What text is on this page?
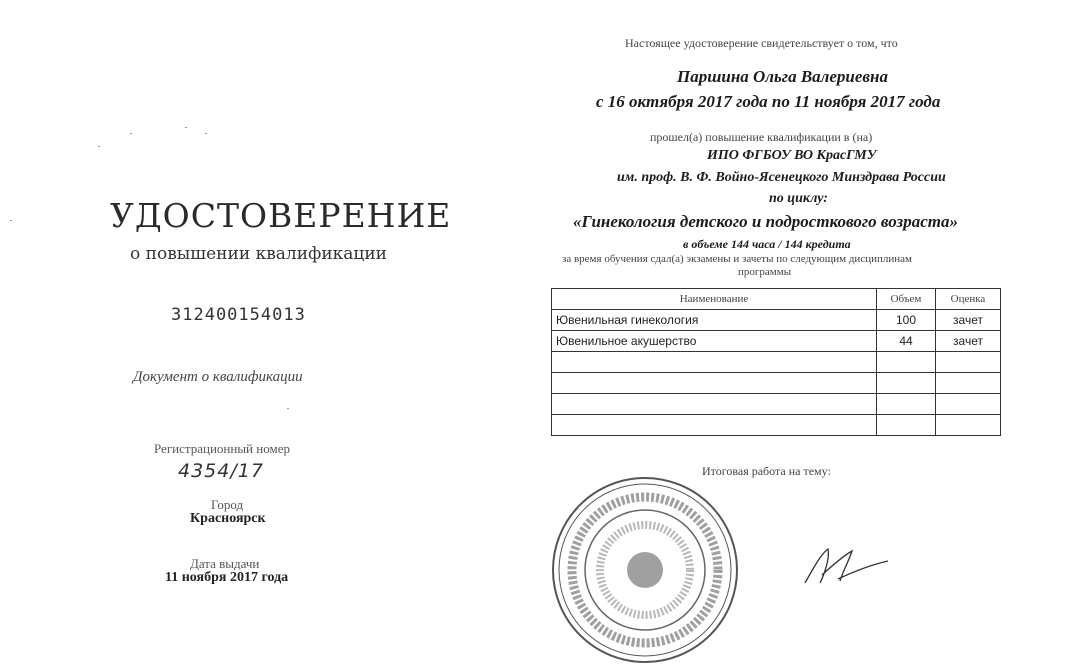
УДОСТОВЕРЕНИЕ
о повышении квалификации
312400154013
Документ о квалификации
Регистрационный номер
4354/17
Город
Красноярск
Дата выдачи
11 ноября 2017 года
Настоящее удостоверение свидетельствует о том, что
Паршина Ольга Валериевна
с 16 октября 2017 года по 11 ноября 2017 года
прошел(а) повышение квалификации в (на)
ИПО ФГБОУ ВО КрасГМУ
им. проф. В. Ф. Войно-Ясенецкого Минздрава России
по циклу:
«Гинекология детского и подросткового возраста»
в объеме 144 часа / 144 кредита
за время обучения сдал(а) экзамены и зачеты по следующим дисциплинам
программы
Наименование	Объем	Оценка
Ювенильная гинекология	100	зачет
Ювенильное акушерство	44	зачет

Итоговая работа на тему:
